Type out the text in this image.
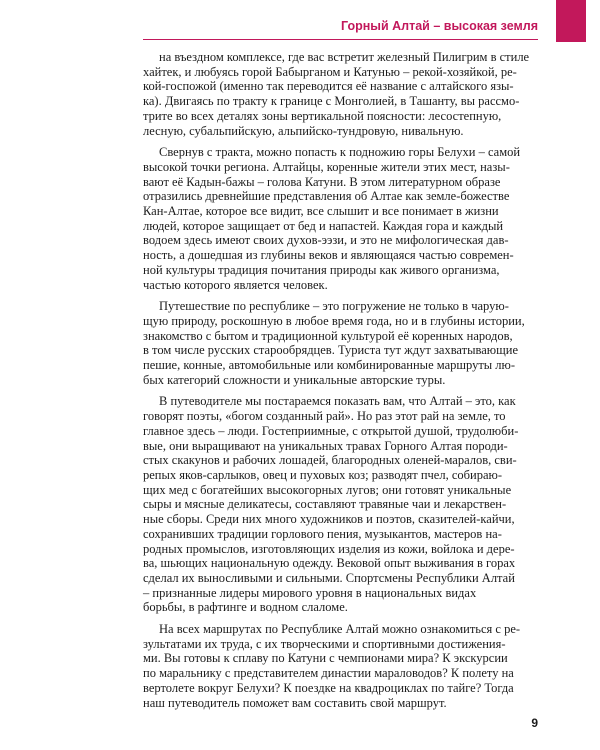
Горный Алтай – высокая земля
на въездном комплексе, где вас встретит железный Пилигрим в стиле
хайтек, и любуясь горой Бабырганом и Катунью – рекой-хозяйкой, ре-
кой-госпожой (именно так переводится её название с алтайского язы-
ка). Двигаясь по тракту к границе с Монголией, в Ташанту, вы рассмо-
трите во всех деталях зоны вертикальной поясности: лесостепную,
лесную, субальпийскую, альпийско-тундровую, нивальную.
Свернув с тракта, можно попасть к подножию горы Белухи – самой
высокой точки региона. Алтайцы, коренные жители этих мест, назы-
вают её Кадын-бажы – голова Катуни. В этом литературном образе
отразились древнейшие представления об Алтае как земле-божестве
Кан-Алтае, которое все видит, все слышит и все понимает в жизни
людей, которое защищает от бед и напастей. Каждая гора и каждый
водоем здесь имеют своих духов-ээзи, и это не мифологическая дав-
ность, а дошедшая из глубины веков и являющаяся частью современ-
ной культуры традиция почитания природы как живого организма,
частью которого является человек.
Путешествие по республике – это погружение не только в чарую-
щую природу, роскошную в любое время года, но и в глубины истории,
знакомство с бытом и традиционной культурой её коренных народов,
в том числе русских старообрядцев. Туриста тут ждут захватывающие
пешие, конные, автомобильные или комбинированные маршруты лю-
бых категорий сложности и уникальные авторские туры.
В путеводителе мы постараемся показать вам, что Алтай – это, как
говорят поэты, «богом созданный рай». Но раз этот рай на земле, то
главное здесь – люди. Гостеприимные, с открытой душой, трудолюби-
вые, они выращивают на уникальных травах Горного Алтая породи-
стых скакунов и рабочих лошадей, благородных оленей-маралов, сви-
репых яков-сарлыков, овец и пуховых коз; разводят пчел, собираю-
щих мед с богатейших высокогорных лугов; они готовят уникальные
сыры и мясные деликатесы, составляют травяные чаи и лекарствен-
ные сборы. Среди них много художников и поэтов, сказителей-кайчи,
сохранивших традиции горлового пения, музыкантов, мастеров на-
родных промыслов, изготовляющих изделия из кожи, войлока и дере-
ва, шьющих национальную одежду. Вековой опыт выживания в горах
сделал их выносливыми и сильными. Спортсмены Республики Алтай
– признанные лидеры мирового уровня в национальных видах
борьбы, в рафтинге и водном слаломе.
На всех маршрутах по Республике Алтай можно ознакомиться с ре-
зультатами их труда, с их творческими и спортивными достижения-
ми. Вы готовы к сплаву по Катуни с чемпионами мира? К экскурсии
по маральнику с представителем династии мараловодов? К полету на
вертолете вокруг Белухи? К поездке на квадроциклах по тайге? Тогда
наш путеводитель поможет вам составить свой маршрут.
9
